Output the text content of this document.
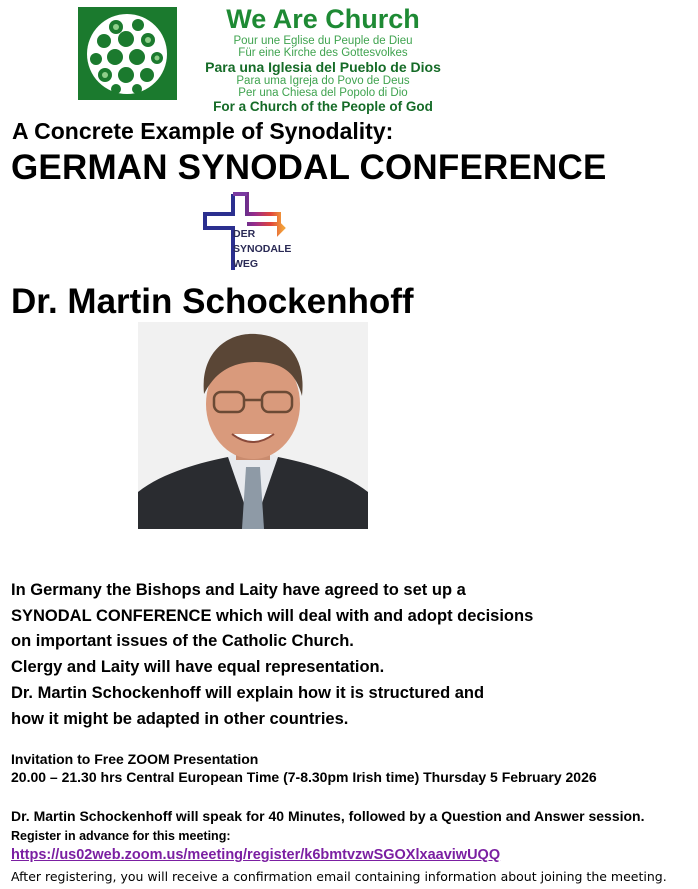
We Are Church
Pour une Eglise du Peuple de Dieu
Für eine Kirche des Gottesvolkes
Para una Iglesia del Pueblo de Dios
Para uma Igreja do Povo de Deus
Per una Chiesa del Popolo di Dio
For a Church of the People of God
A Concrete Example of Synodality:
GERMAN SYNODAL CONFERENCE
DER
SYNODALE
WEG
Dr. Martin Schockenhoff
In Germany the Bishops and Laity have agreed to set up a
SYNODAL CONFERENCE which will deal with and adopt decisions
on important issues of the Catholic Church.
Clergy and Laity will have equal representation.
Dr. Martin Schockenhoff will explain how it is structured and
how it might be adapted in other countries.
Invitation to Free ZOOM Presentation
20.00 – 21.30 hrs Central European Time (7-8.30pm Irish time) Thursday 5 February 2026
Dr. Martin Schockenhoff will speak for 40 Minutes, followed by a Question and Answer session. Register in advance for this meeting:
https://us02web.zoom.us/meeting/register/k6bmtvzwSGOXlxaaviwUQQ
After registering, you will receive a confirmation email containing information about joining the meeting.
